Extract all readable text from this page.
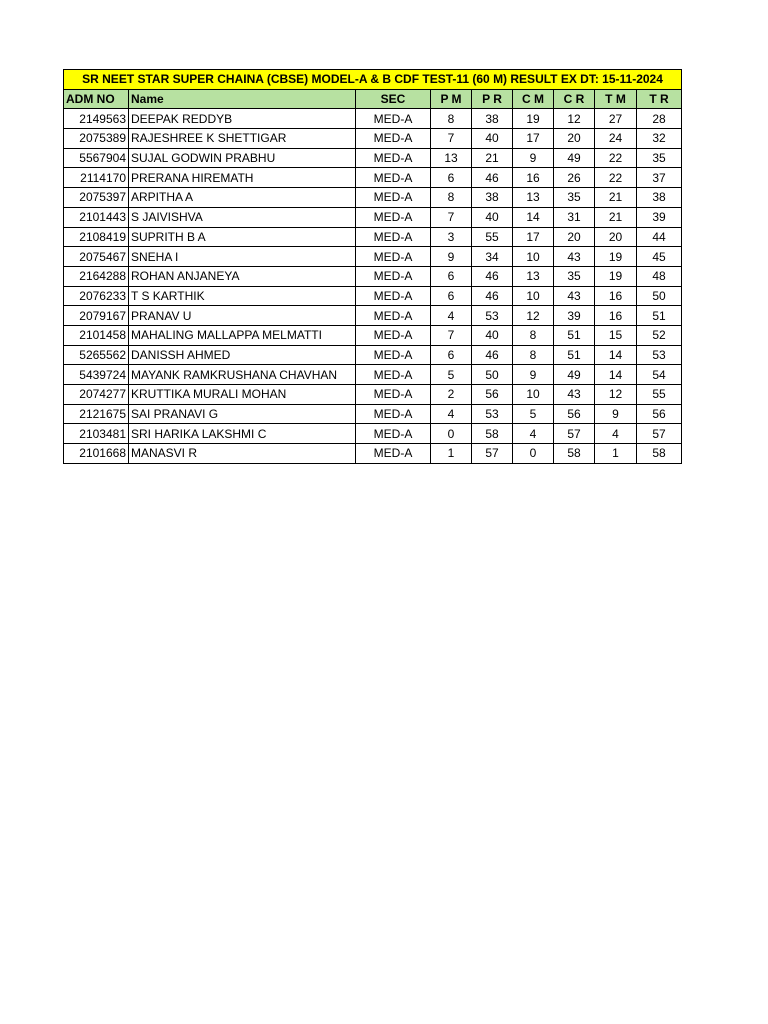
SR NEET STAR SUPER CHAINA (CBSE) MODEL-A & B CDF TEST-11 (60 M) RESULT EX DT: 15-11-2024								
ADM NO	Name	SEC	P M	P R	C M	C R	T M	T R
2149563	DEEPAK REDDYB	MED-A	8	38	19	12	27	28
2075389	RAJESHREE K SHETTIGAR	MED-A	7	40	17	20	24	32
5567904	SUJAL GODWIN PRABHU	MED-A	13	21	9	49	22	35
2114170	PRERANA HIREMATH	MED-A	6	46	16	26	22	37
2075397	ARPITHA A	MED-A	8	38	13	35	21	38
2101443	S JAIVISHVA	MED-A	7	40	14	31	21	39
2108419	SUPRITH B A	MED-A	3	55	17	20	20	44
2075467	SNEHA I	MED-A	9	34	10	43	19	45
2164288	ROHAN ANJANEYA	MED-A	6	46	13	35	19	48
2076233	T S KARTHIK	MED-A	6	46	10	43	16	50
2079167	PRANAV U	MED-A	4	53	12	39	16	51
2101458	MAHALING MALLAPPA MELMATTI	MED-A	7	40	8	51	15	52
5265562	DANISSH AHMED	MED-A	6	46	8	51	14	53
5439724	MAYANK RAMKRUSHANA CHAVHAN	MED-A	5	50	9	49	14	54
2074277	KRUTTIKA MURALI MOHAN	MED-A	2	56	10	43	12	55
2121675	SAI PRANAVI G	MED-A	4	53	5	56	9	56
2103481	SRI HARIKA LAKSHMI C	MED-A	0	58	4	57	4	57
2101668	MANASVI R	MED-A	1	57	0	58	1	58
